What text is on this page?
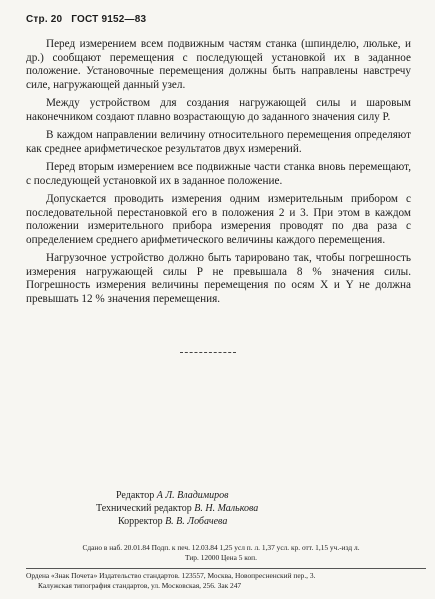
Стр. 20 ГОСТ 9152—83

Перед измерением всем подвижным частям станка (шпинделю, люльке, и др.) сообщают перемещения с последующей установкой их в заданное положение. Установочные перемещения должны быть направлены навстречу силе, нагружающей данный узел.

Между устройством для создания нагружающей силы и шаровым наконечником создают плавно возрастающую до заданного значения силу P.

В каждом направлении величину относительного перемещения определяют как среднее арифметическое результатов двух измерений.

Перед вторым измерением все подвижные части станка вновь перемещают, с последующей установкой их в заданное положение.

Допускается проводить измерения одним измерительным прибором с последовательной перестановкой его в положения 2 и 3. При этом в каждом положении измерительного прибора измерения проводят по два раза с определением среднего арифметического величины каждого перемещения.

Нагрузочное устройство должно быть тарировано так, чтобы погрешность измерения нагружающей силы P не превышала 8 % значения силы. Погрешность измерения величины перемещения по осям X и Y не должна превышать 12 % значения перемещения.

Редактор А Л. Владимиров
Технический редактор В. Н. Малькова
Корректор В. В. Лобачева
Сдано в наб. 20.01.84 Подп. к печ. 12.03.84 1,25 усл п. л. 1,37 усл. кр. отт. 1,15 уч.-изд л.
Тир. 12000 Цена 5 коп.
Ордена «Знак Почета» Издательство стандартов. 123557, Москва, Новопресненский пер., 3.
Калужская типография стандартов, ул. Московская, 256. Зак 247
